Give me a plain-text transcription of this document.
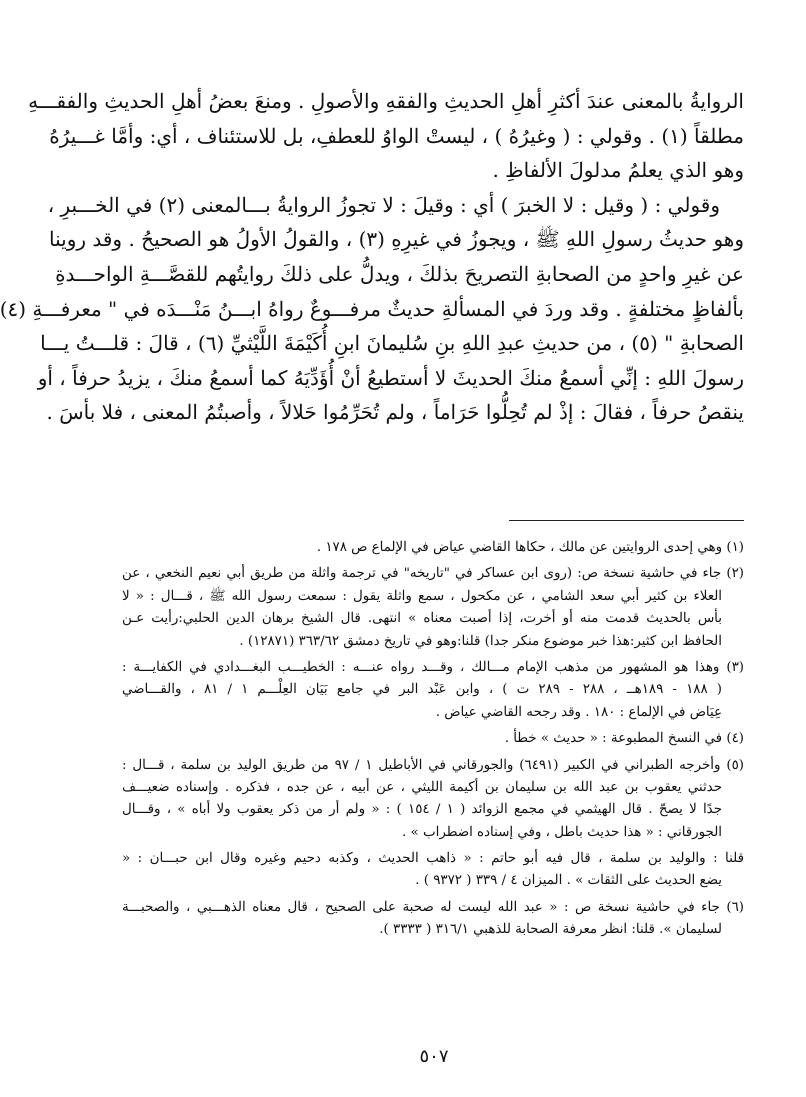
الروايةُ بالمعنى عندَ أكثرِ أهلِ الحديثِ والفقهِ والأصولِ . ومنعَ بعضُ أهلِ الحديثِ والفقـــهِ
مطلقاً (١) . وقولي : ( وغيرُهُ ) ، ليستْ الواوُ للعطفِ، بل للاستئناف ، أي: وأمَّا غـــيرُهُ
وهو الذي يعلمُ مدلولَ الألفاظِ .
وقولي : ( وقيل : لا الخبرَ ) أي : وقيلَ : لا تجوزُ الروايةُ بـــالمعنى (٢) في الخـــبرِ ،
وهو حديثُ رسولِ اللهِ ﷺ ، ويجوزُ في غيرِهِ (٣) ، والقولُ الأولُ هو الصحيحُ . وقد روينا
عن غيرِ واحدٍ من الصحابةِ التصريحَ بذلكَ ، ويدلُّ على ذلكَ روايتُهم للقصَّـــةِ الواحـــدةِ
بألفاظٍ مختلفةٍ . وقد وردَ في المسألةِ حديثٌ مرفـــوعٌ رواهُ ابـــنُ مَنْـــدَه في " معرفـــةِ (٤)
الصحابةِ " (٥) ، من حديثِ عبدِ اللهِ بنِ سُليمانَ ابنِ أُكَيْمَةَ اللَّيْثيِّ (٦) ، قالَ : قلـــتُ يـــا
رسولَ اللهِ : إنِّي أسمعُ منكَ الحديثَ لا أستطيعُ أنْ أُؤَدِّيَهُ كما أسمعُ منكَ ، يزيدُ حرفاً ، أو
ينقصُ حرفاً ، فقالَ : إذْ لم تُحِلُّوا حَرَاماً ، ولم تُحَرِّمُوا حَلالاً ، وأصبتُمُ المعنى ، فلا بأسَ .
(١) وهي إحدى الروايتين عن مالك ، حكاها القاضي عياض في الإلماع ص ١٧٨ .
(٢) جاء في حاشية نسخة ص: (روى ابن عساكر في "تاريخه" في ترجمة واثلة من طريق أبي نعيم النخعي ، عن
العلاء بن كثير أبي سعد الشامي ، عن مكحول ، سمع واثلة يقول : سمعت رسول الله ﷺ ، قـــال : « لا
بأس بالحديث قدمت منه أو أخرت، إذا أصبت معناه » انتهى. قال الشيخ برهان الدين الحلبي:رأيت عـن
الحافظ ابن كثير:هذا خبر موضوع منكر جدا) قلنا:وهو في تاريخ دمشق ٣٦٣/٦٢ (١٢٨٧١) .
(٣) وهذا هو المشهور من مذهب الإمام مـــالك ، وقـــد رواه عنـــه : الخطيـــب البغـــدادي في الكفايـــة :
( ١٨٨ - ١٨٩هــ ، ٢٨٨ - ٢٨٩ ت ) ، وابن عَبْد البر في جامع بَيَان العِلْـــم ١ / ٨١ ، والقـــاضي
عِيَاض في الإلماع : ١٨٠ . وقد رجحه القاضي عياض .
(٤) في النسخ المطبوعة : « حديث » خطأ .
(٥) وأخرجه الطبراني في الكبير (٦٤٩١) والجورقاني في الأباطيل ١ / ٩٧ من طريق الوليد بن سلمة ، قـــال :
حدثني يعقوب بن عبد الله بن سليمان بن أكيمة الليثي ، عن أبيه ، عن جده ، فذكره . وإسناده ضعيـــف
جدًا لا يصحّ . قال الهيثمي في مجمع الزوائد ( ١ / ١٥٤ ) : « ولم أر من ذكر يعقوب ولا أباه » ، وقـــال
الجورقاني : « هذا حديث باطل ، وفي إسناده اضطراب » .
قلنا : والوليد بن سلمة ، قال فيه أبو حاتم : « ذاهب الحديث ، وكذبه دحيم وغيره وقال ابن حبـــان : «
يضع الحديث على الثقات » . الميزان ٤ / ٣٣٩ ( ٩٣٧٢ ) .
(٦) جاء في حاشية نسخة ص : « عبد الله ليست له صحبة على الصحيح ، قال معناه الذهـــبي ، والصحبـــة
لسليمان ». قلنا: انظر معرفة الصحابة للذهبي ٣١٦/١ ( ٣٣٣٣ ).
٥٠٧
